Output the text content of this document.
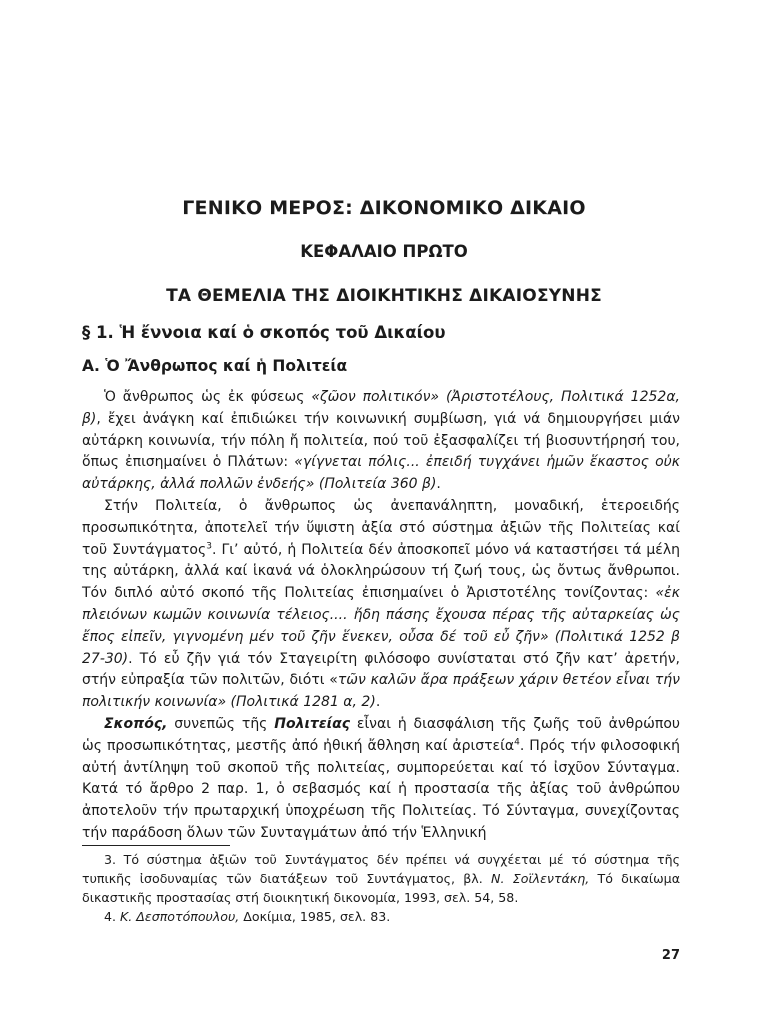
ΓΕΝΙΚΟ ΜΕΡΟΣ: ΔΙΚΟΝΟΜΙΚΟ ΔΙΚΑΙΟ
ΚΕΦΑΛΑΙΟ ΠΡΩΤΟ
ΤΑ ΘΕΜΕΛΙΑ ΤΗΣ ΔΙΟΙΚΗΤΙΚΗΣ ΔΙΚΑΙΟΣΥΝΗΣ
§ 1. Ἡ ἔννοια καί ὁ σκοπός τοῦ Δικαίου
Α. Ὁ Ἄνθρωπος καί ἡ Πολιτεία

Ὁ ἄνθρωπος ὡς ἐκ φύσεως «ζῶον πολιτικόν» (Ἀριστοτέλους, Πολιτικά 1252α, β), ἔχει ἀνάγκη καί ἐπιδιώκει τήν κοινωνική συμβίωση, γιά νά δημιουργήσει μιάν αὐτάρκη κοινωνία, τήν πόλη ἤ πολιτεία, πού τοῦ ἐξασφαλίζει τή βιοσυντήρησή του, ὅπως ἐπισημαίνει ὁ Πλάτων: «γίγνεται πόλις... ἐπειδή τυγχάνει ἡμῶν ἕκαστος οὐκ αὐτάρκης, ἀλλά πολλῶν ἐνδεής» (Πολιτεία 360 β).

Στήν Πολιτεία, ὁ ἄνθρωπος ὡς ἀνεπανάληπτη, μοναδική, ἑτεροειδής προσωπικότητα, ἀποτελεῖ τήν ὕψιστη ἀξία στό σύστημα ἀξιῶν τῆς Πολιτείας καί τοῦ Συντάγματος$^3$. Γι’ αὐτό, ἡ Πολιτεία δέν ἀποσκοπεῖ μόνο νά καταστήσει τά μέλη της αὐτάρκη, ἀλλά καί ἱκανά νά ὁλοκληρώσουν τή ζωή τους, ὡς ὄντως ἄνθρωποι. Τόν διπλό αὐτό σκοπό τῆς Πολιτείας ἐπισημαίνει ὁ Ἀριστοτέλης τονίζοντας: «ἐκ πλειόνων κωμῶν κοινωνία τέλειος.... ἤδη πάσης ἔχουσα πέρας τῆς αὐταρκείας ὡς ἔπος εἰπεῖν, γιγνομένη μέν τοῦ ζῆν ἕνεκεν, οὖσα δέ τοῦ εὖ ζῆν» (Πολιτικά 1252 β 27-30). Τό εὖ ζῆν γιά τόν Σταγειρίτη φιλόσοφο συνίσταται στό ζῆν κατ’ ἀρετήν, στήν εὐπραξία τῶν πολιτῶν, διότι «τῶν καλῶν ἄρα πράξεων χάριν θετέον εἶναι τήν πολιτικήν κοινωνία» (Πολιτικά 1281 α, 2).

Σκοπός, συνεπῶς τῆς Πολιτείας εἶναι ἡ διασφάλιση τῆς ζωῆς τοῦ ἀνθρώπου ὡς προσωπικότητας, μεστῆς ἀπό ἠθική ἄθληση καί ἀριστεία$^4$. Πρός τήν φιλοσοφική αὐτή ἀντίληψη τοῦ σκοποῦ τῆς πολιτείας, συμπορεύεται καί τό ἰσχῦον Σύνταγμα. Κατά τό ἄρθρο 2 παρ. 1, ὁ σεβασμός καί ἡ προστασία τῆς ἀξίας τοῦ ἀνθρώπου ἀποτελοῦν τήν πρωταρχική ὑποχρέωση τῆς Πολιτείας. Τό Σύνταγμα, συνεχίζοντας τήν παράδοση ὅλων τῶν Συνταγμάτων ἀπό τήν Ἑλληνική

3. Τό σύστημα ἀξιῶν τοῦ Συντάγματος δέν πρέπει νά συγχέεται μέ τό σύστημα τῆς τυπικῆς ἰσοδυναμίας τῶν διατάξεων τοῦ Συντάγματος, βλ. Ν. Σοϊλεντάκη, Τό δικαίωμα δικαστικῆς προστασίας στή διοικητική δικονομία, 1993, σελ. 54, 58.

4. Κ. Δεσποτόπουλου, Δοκίμια, 1985, σελ. 83.

27
